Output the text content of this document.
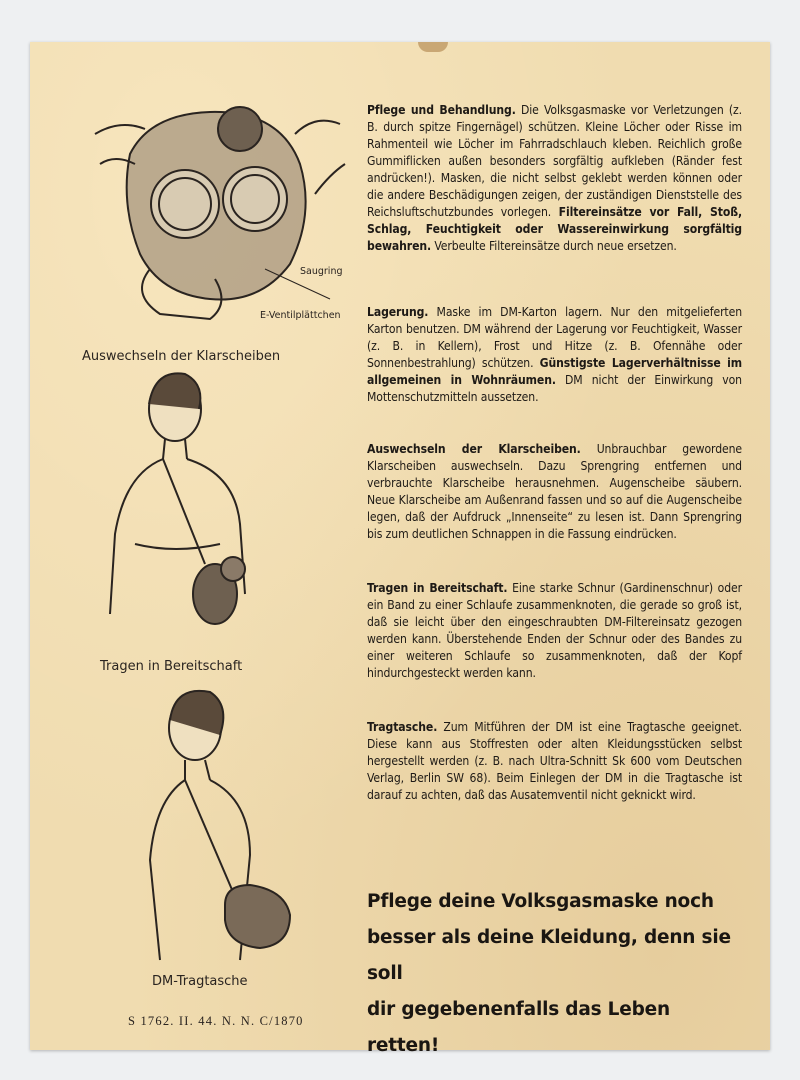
Saugring
E-Ventilplättchen
Auswechseln der Klarscheiben
Tragen in Bereitschaft
DM-Tragtasche
Pflege und Behandlung. Die Volksgasmaske vor Verletzungen (z. B. durch spitze Fingernägel) schützen. Kleine Löcher oder Risse im Rahmenteil wie Löcher im Fahrradschlauch kleben. Reichlich große Gummiflicken außen besonders sorgfältig aufkleben (Ränder fest andrücken!). Masken, die nicht selbst geklebt werden können oder die andere Beschädigungen zeigen, der zuständigen Dienststelle des Reichsluftschutzbundes vorlegen. Filtereinsätze vor Fall, Stoß, Schlag, Feuchtigkeit oder Wassereinwirkung sorgfältig bewahren. Verbeulte Filtereinsätze durch neue ersetzen.
Lagerung. Maske im DM-Karton lagern. Nur den mitgelieferten Karton benutzen. DM während der Lagerung vor Feuchtigkeit, Wasser (z. B. in Kellern), Frost und Hitze (z. B. Ofennähe oder Sonnenbestrahlung) schützen. Günstigste Lagerverhältnisse im allgemeinen in Wohnräumen. DM nicht der Einwirkung von Mottenschutzmitteln aussetzen.
Auswechseln der Klarscheiben. Unbrauchbar gewordene Klarscheiben auswechseln. Dazu Sprengring entfernen und verbrauchte Klarscheibe herausnehmen. Augenscheibe säubern. Neue Klarscheibe am Außenrand fassen und so auf die Augenscheibe legen, daß der Aufdruck „Innenseite“ zu lesen ist. Dann Sprengring bis zum deutlichen Schnappen in die Fassung eindrücken.
Tragen in Bereitschaft. Eine starke Schnur (Gardinenschnur) oder ein Band zu einer Schlaufe zusammenknoten, die gerade so groß ist, daß sie leicht über den eingeschraubten DM-Filtereinsatz gezogen werden kann. Überstehende Enden der Schnur oder des Bandes zu einer weiteren Schlaufe so zusammenknoten, daß der Kopf hindurchgesteckt werden kann.
Tragtasche. Zum Mitführen der DM ist eine Tragtasche geeignet. Diese kann aus Stoffresten oder alten Kleidungsstücken selbst hergestellt werden (z. B. nach Ultra-Schnitt Sk 600 vom Deutschen Verlag, Berlin SW 68). Beim Einlegen der DM in die Tragtasche ist darauf zu achten, daß das Ausatemventil nicht geknickt wird.
Pflege deine Volksgasmaske noch
besser als deine Kleidung, denn sie soll
dir gegebenenfalls das Leben retten!
S 1762. II. 44. N. N. C/1870
